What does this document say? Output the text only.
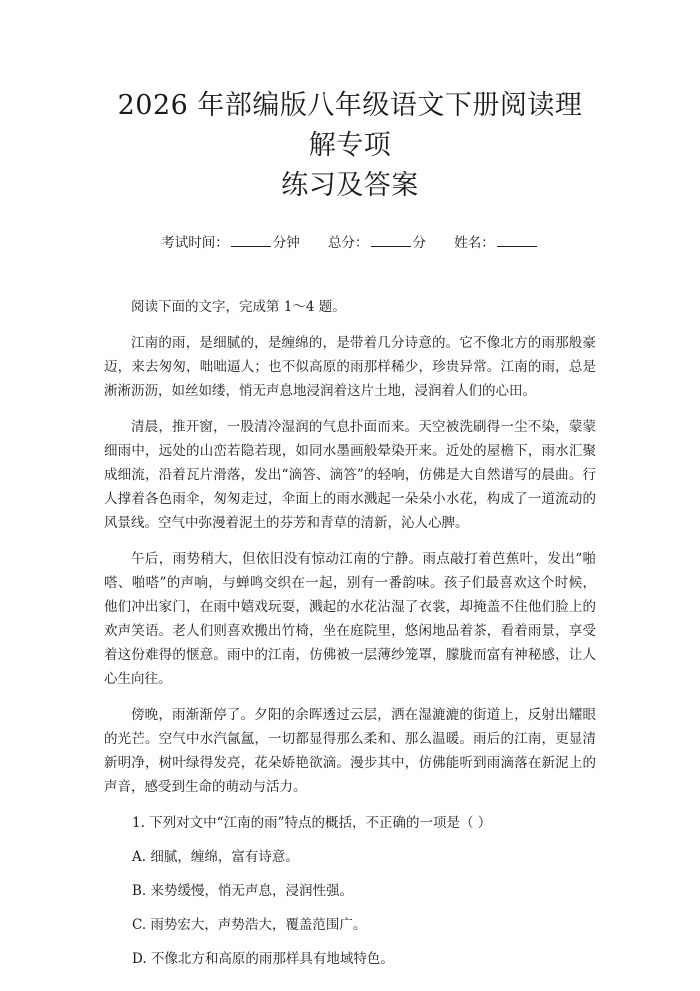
2026 年部编版八年级语文下册阅读理解专项
练习及答案
考试时间：	分钟 总分：	分 姓名：

阅读下面的文字，完成第 1～4 题。

江南的雨，是细腻的，是缠绵的，是带着几分诗意的。它不像北方的雨那般豪迈，来去匆匆，咄咄逼人；也不似高原的雨那样稀少，珍贵异常。江南的雨，总是淅淅沥沥，如丝如缕，悄无声息地浸润着这片土地，浸润着人们的心田。

清晨，推开窗，一股清冷湿润的气息扑面而来。天空被洗刷得一尘不染，蒙蒙细雨中，远处的山峦若隐若现，如同水墨画般晕染开来。近处的屋檐下，雨水汇聚成细流，沿着瓦片滑落，发出“滴答、滴答”的轻响，仿佛是大自然谱写的晨曲。行人撑着各色雨伞，匆匆走过，伞面上的雨水溅起一朵朵小水花，构成了一道流动的风景线。空气中弥漫着泥土的芬芳和青草的清新，沁人心脾。

午后，雨势稍大，但依旧没有惊动江南的宁静。雨点敲打着芭蕉叶，发出“啪嗒、啪嗒”的声响，与蝉鸣交织在一起，别有一番韵味。孩子们最喜欢这个时候，他们冲出家门，在雨中嬉戏玩耍，溅起的水花沾湿了衣裳，却掩盖不住他们脸上的欢声笑语。老人们则喜欢搬出竹椅，坐在庭院里，悠闲地品着茶，看着雨景，享受着这份难得的惬意。雨中的江南，仿佛被一层薄纱笼罩，朦胧而富有神秘感，让人心生向往。

傍晚，雨渐渐停了。夕阳的余晖透过云层，洒在湿漉漉的街道上，反射出耀眼的光芒。空气中水汽氤氲，一切都显得那么柔和、那么温暖。雨后的江南，更显清新明净，树叶绿得发亮，花朵娇艳欲滴。漫步其中，仿佛能听到雨滴落在新泥上的声音，感受到生命的萌动与活力。

1. 下列对文中“江南的雨”特点的概括，不正确的一项是（ ）

A. 细腻，缠绵，富有诗意。

B. 来势缓慢，悄无声息，浸润性强。

C. 雨势宏大，声势浩大，覆盖范围广。

D. 不像北方和高原的雨那样具有地域特色。
